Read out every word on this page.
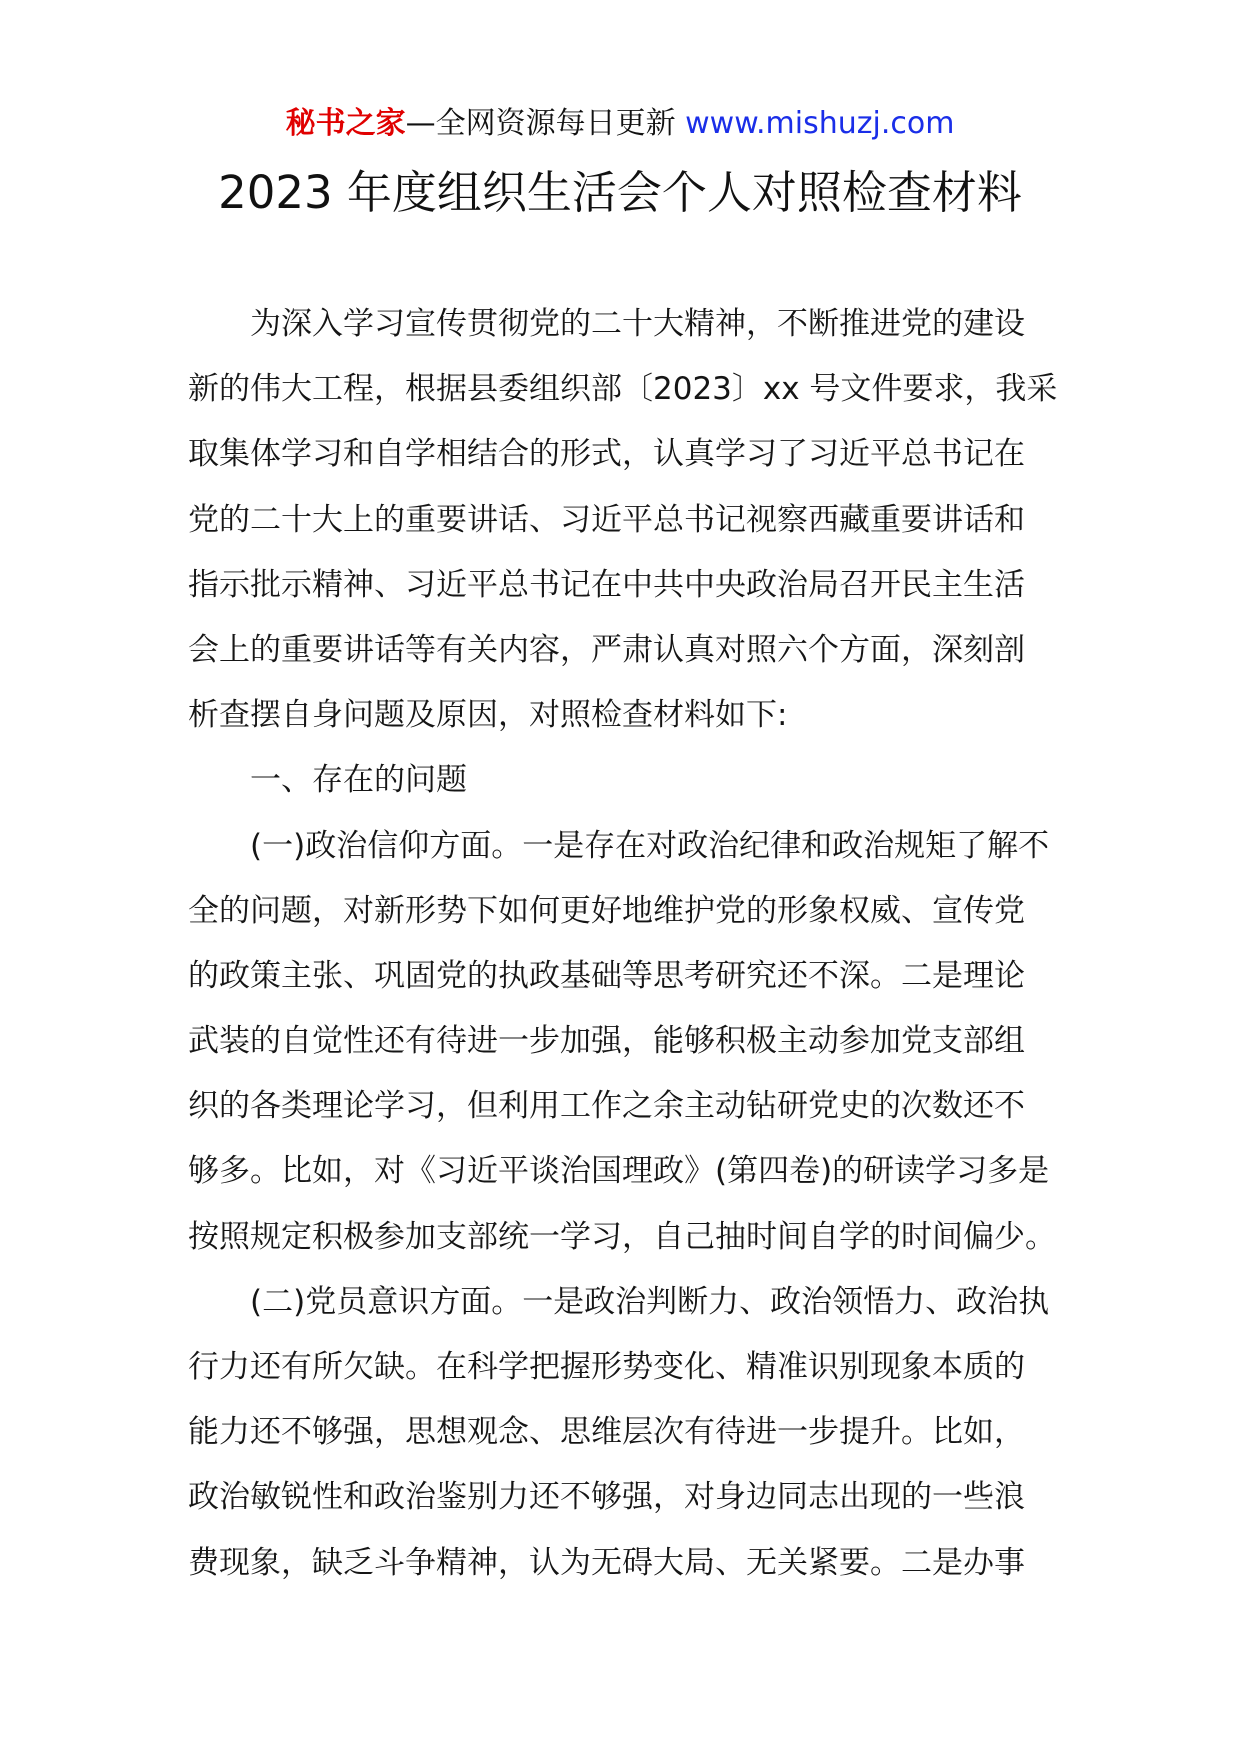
秘书之家—全网资源每日更新 www.mishuzj.com
2023 年度组织生活会个人对照检查材料
为深入学习宣传贯彻党的二十大精神，不断推进党的建设
新的伟大工程，根据县委组织部〔2023〕xx 号文件要求，我采
取集体学习和自学相结合的形式，认真学习了习近平总书记在
党的二十大上的重要讲话、习近平总书记视察西藏重要讲话和
指示批示精神、习近平总书记在中共中央政治局召开民主生活
会上的重要讲话等有关内容，严肃认真对照六个方面，深刻剖
析查摆自身问题及原因，对照检查材料如下:
一、存在的问题
(一)政治信仰方面。一是存在对政治纪律和政治规矩了解不
全的问题，对新形势下如何更好地维护党的形象权威、宣传党
的政策主张、巩固党的执政基础等思考研究还不深。二是理论
武装的自觉性还有待进一步加强，能够积极主动参加党支部组
织的各类理论学习，但利用工作之余主动钻研党史的次数还不
够多。比如，对《习近平谈治国理政》(第四卷)的研读学习多是
按照规定积极参加支部统一学习，自己抽时间自学的时间偏少。
(二)党员意识方面。一是政治判断力、政治领悟力、政治执
行力还有所欠缺。在科学把握形势变化、精准识别现象本质的
能力还不够强，思想观念、思维层次有待进一步提升。比如，
政治敏锐性和政治鉴别力还不够强，对身边同志出现的一些浪
费现象，缺乏斗争精神，认为无碍大局、无关紧要。二是办事
